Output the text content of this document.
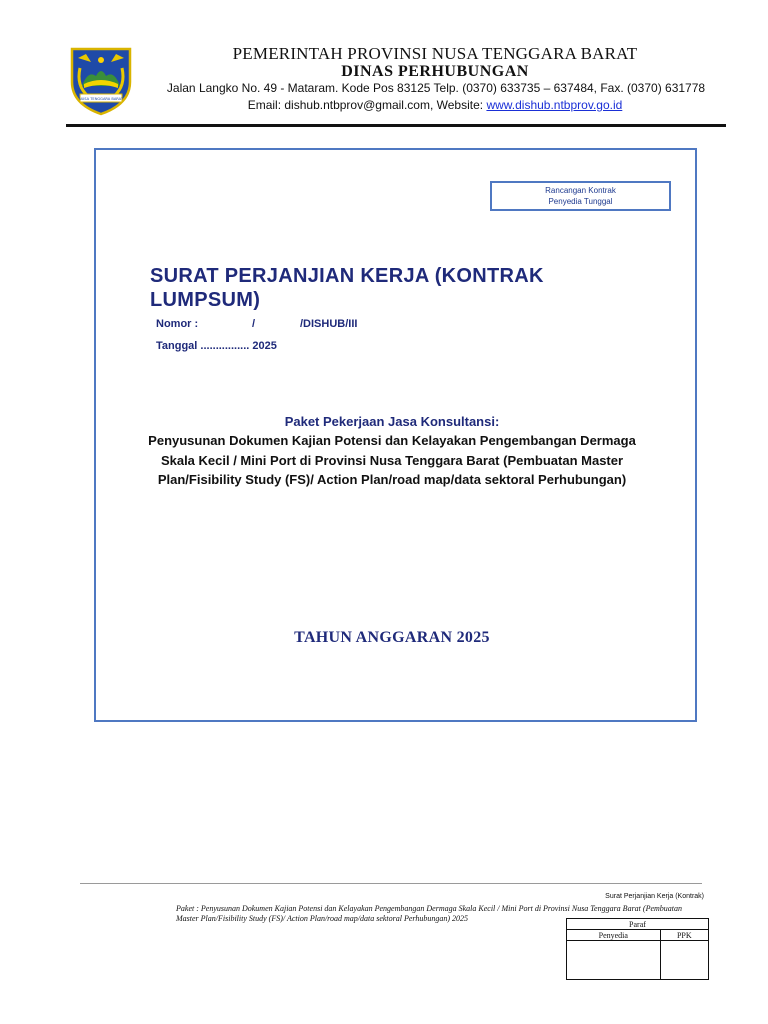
NUSA TENGGARA BARAT
PEMERINTAH PROVINSI NUSA TENGGARA BARAT
DINAS PERHUBUNGAN
Jalan Langko No. 49 - Mataram. Kode Pos 83125 Telp. (0370) 633735 – 637484, Fax. (0370) 631778
Email: dishub.ntbprov@gmail.com, Website: www.dishub.ntbprov.go.id
Rancangan Kontrak
Penyedia Tunggal
SURAT PERJANJIAN KERJA (KONTRAK LUMPSUM)
Nomor :	/	/DISHUB/III
Tanggal ................ 2025
Paket Pekerjaan Jasa Konsultansi:
Penyusunan Dokumen Kajian Potensi dan Kelayakan Pengembangan Dermaga Skala Kecil / Mini Port di Provinsi Nusa Tenggara Barat (Pembuatan Master Plan/Fisibility Study (FS)/ Action Plan/road map/data sektoral Perhubungan)
TAHUN ANGGARAN 2025
Surat Perjanjian Kerja (Kontrak)
Paket : Penyusunan Dokumen Kajian Potensi dan Kelayakan Pengembangan Dermaga Skala Kecil / Mini Port di Provinsi Nusa Tenggara Barat (Pembuatan Master Plan/Fisibility Study (FS)/ Action Plan/road map/data sektoral Perhubungan) 2025
Paraf	
Penyedia	PPK
